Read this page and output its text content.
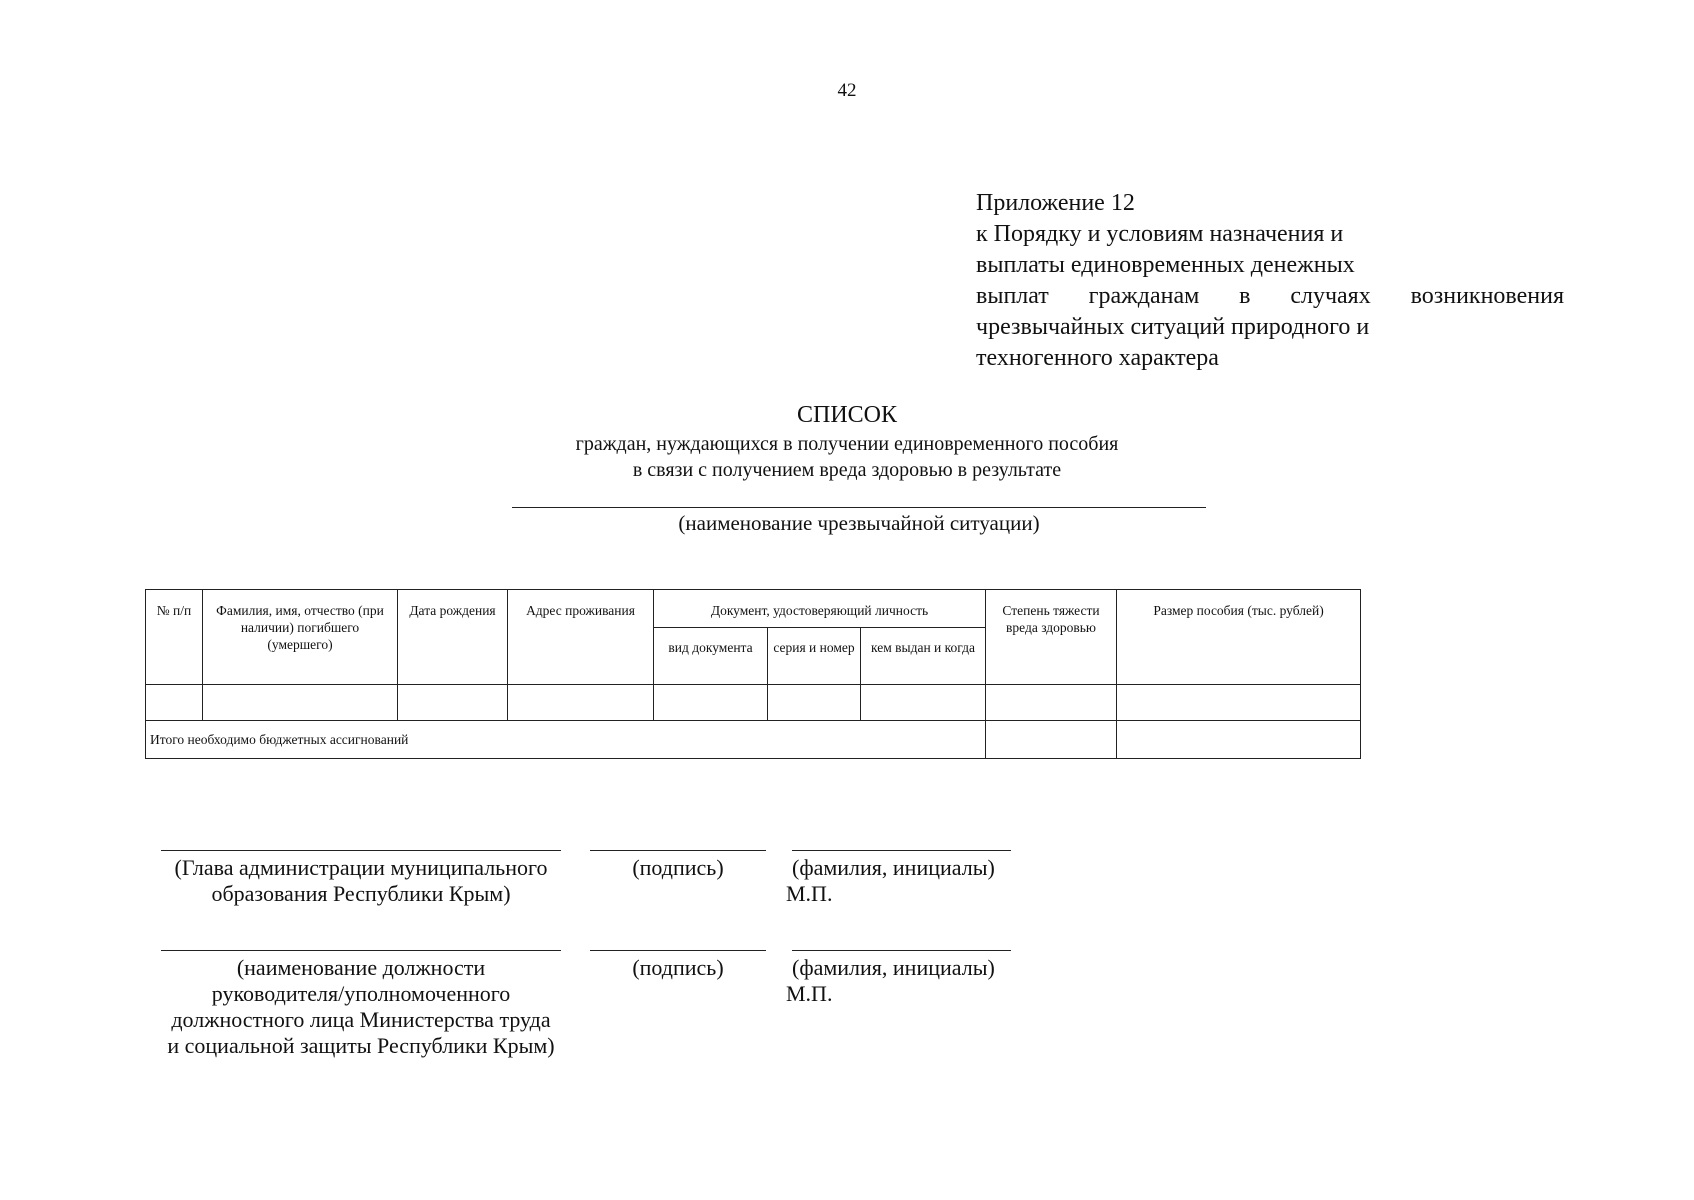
42
Приложение 12
к Порядку и условиям назначения и
выплаты единовременных денежных
выплат гражданам в случаях возникновения
чрезвычайных ситуаций природного и
техногенного характера
СПИСОК
граждан, нуждающихся в получении единовременного пособия
в связи с получением вреда здоровью в результате
(наименование чрезвычайной ситуации)
№ п/п	Фамилия, имя, отчество (при наличии) погибшего (умершего)	Дата рождения	Адрес проживания	Документ, удостоверяющий личность			Степень тяжести вреда здоровью	Размер пособия (тыс. рублей)
				вид документа	серия и номер	кем выдан и когда		

Итого необходимо бюджетных ассигнований								
(Глава администрации муниципального
образования Республики Крым)
(подпись)	(фамилия, инициалы)
М.П.
(наименование должности
руководителя/уполномоченного
должностного лица Министерства труда
и социальной защиты Республики Крым)
(подпись)	(фамилия, инициалы)
М.П.
